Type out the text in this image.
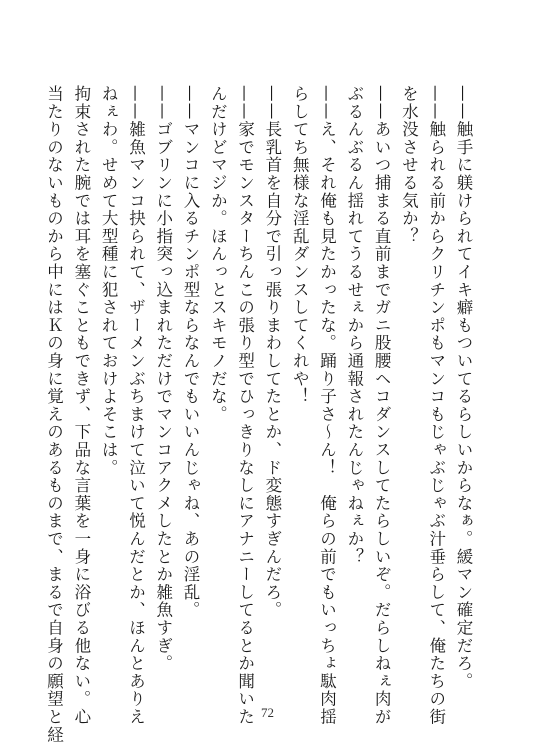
——触手に躾けられてイキ癖もついてるらしいからなぁ。緩マン確定だろ。
——触られる前からクリチンポもマンコもじゃぶじゃぶ汁垂らして、俺たちの街
を水没させる気か？
——あいつ捕まる直前までガニ股腰ヘコダンスしてたらしいぞ。だらしねぇ肉が
ぶるんぶるん揺れてうるせぇから通報されたんじゃねぇか？
——え、それ俺も見たかったな。踊り子さ～ん！　俺らの前でもいっちょ駄肉揺
らしてち無様な淫乱ダンスしてくれや！
——長乳首を自分で引っ張りまわしてたとか、ド変態すぎんだろ。
——家でモンスターちんこの張り型でひっきりなしにアナニーしてるとか聞いた
んだけどマジか。ほんっとスキモノだな。
——マンコに入るチンポ型ならなんでもいいんじゃね、あの淫乱。
——ゴブリンに小指突っ込まれただけでマンコアクメしたとか雑魚すぎ。
——雑魚マンコ抉られて、ザーメンぶちまけて泣いて悦んだとか、ほんとありえ
ねぇわ。せめて大型種に犯されておけよそこは。
拘束された腕では耳を塞ぐこともできず、下品な言葉を一身に浴びる他ない。心
当たりのないものから中にはＫの身に覚えのあるものまで、まるで自身の願望と経	72
